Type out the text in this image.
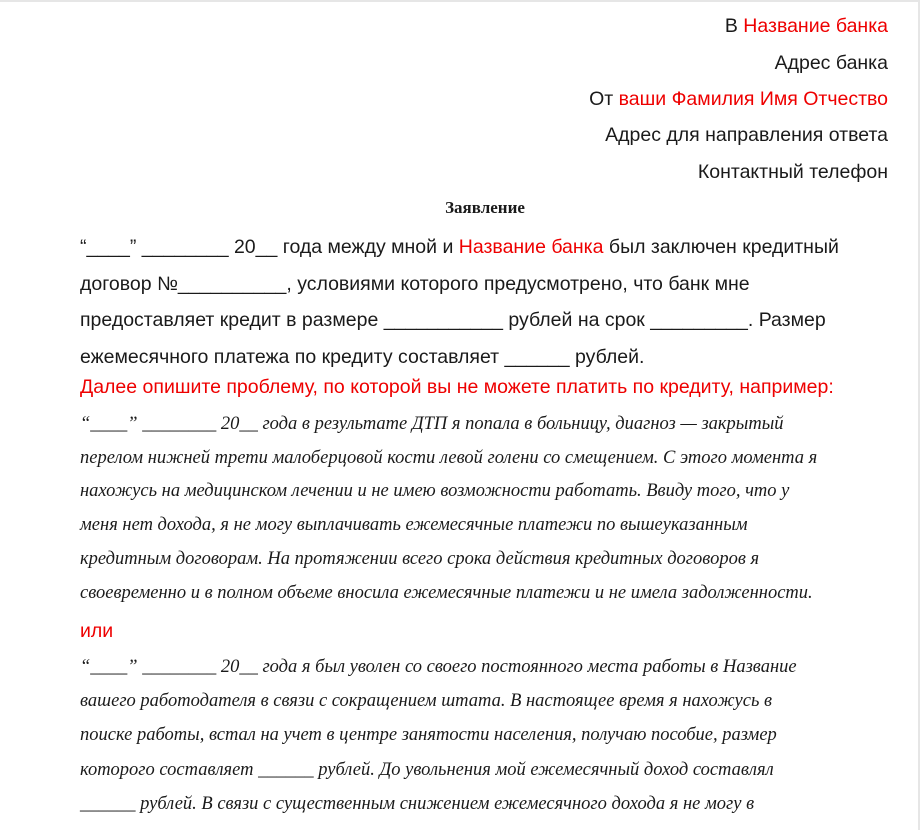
В Название банка
Адрес банка
От ваши Фамилия Имя Отчество
Адрес для направления ответа
Контактный телефон
Заявление
“____” ________ 20__ года между мной и Название банка был заключен кредитный
договор №__________, условиями которого предусмотрено, что банк мне
предоставляет кредит в размере ___________ рублей на срок _________. Размер
ежемесячного платежа по кредиту составляет ______ рублей.
Далее опишите проблему, по которой вы не можете платить по кредиту, например:
“____” ________ 20__ года в результате ДТП я попала в больницу, диагноз — закрытый
перелом нижней трети малоберцовой кости левой голени со смещением. С этого момента я
нахожусь на медицинском лечении и не имею возможности работать. Ввиду того, что у
меня нет дохода, я не могу выплачивать ежемесячные платежи по вышеуказанным
кредитным договорам. На протяжении всего срока действия кредитных договоров я
своевременно и в полном объеме вносила ежемесячные платежи и не имела задолженности.
или
“____” ________ 20__ года я был уволен со своего постоянного места работы в Название
вашего работодателя в связи с сокращением штата. В настоящее время я нахожусь в
поиске работы, встал на учет в центре занятости населения, получаю пособие, размер
которого составляет ______ рублей. До увольнения мой ежемесячный доход составлял
______ рублей. В связи с существенным снижением ежемесячного дохода я не могу в
